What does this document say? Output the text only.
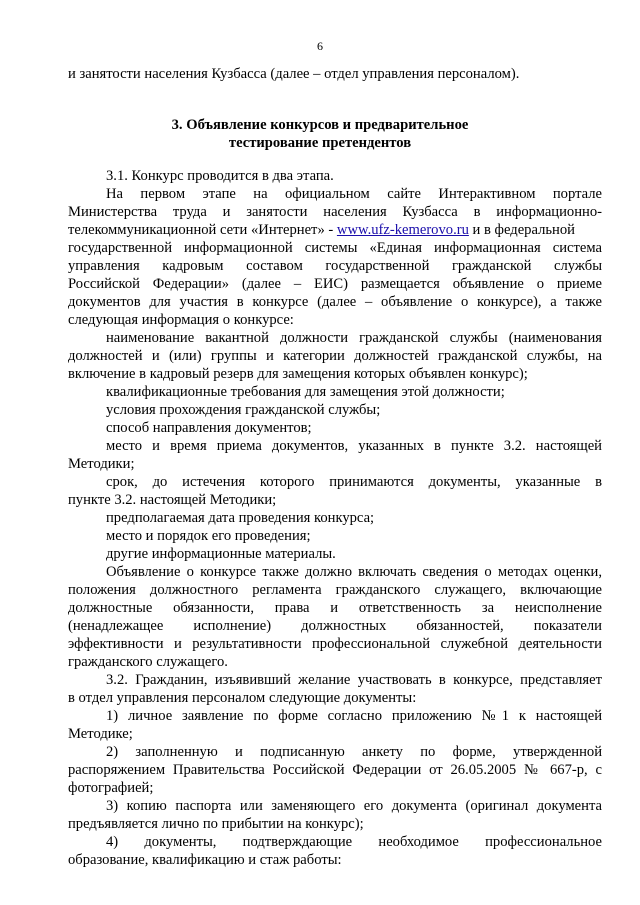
6
и занятости населения Кузбасса (далее – отдел управления персоналом).
3. Объявление конкурсов и предварительное
тестирование претендентов
3.1. Конкурс проводится в два этапа.
На первом этапе на официальном сайте Интерактивном портале
Министерства труда и занятости населения Кузбасса в информационно-
телекоммуникационной сети «Интернет» - www.ufz-kemerovo.ru и в федеральной
государственной информационной системы «Единая информационная система
управления кадровым составом государственной гражданской службы
Российской Федерации» (далее – ЕИС) размещается объявление о приеме
документов для участия в конкурсе (далее – объявление о конкурсе), а также
следующая информация о конкурсе:
наименование вакантной должности гражданской службы (наименования
должностей и (или) группы и категории должностей гражданской службы, на
включение в кадровый резерв для замещения которых объявлен конкурс);
квалификационные требования для замещения этой должности;
условия прохождения гражданской службы;
способ направления документов;
место и время приема документов, указанных в пункте 3.2. настоящей
Методики;
срок, до истечения которого принимаются документы, указанные в
пункте 3.2. настоящей Методики;
предполагаемая дата проведения конкурса;
место и порядок его проведения;
другие информационные материалы.
Объявление о конкурсе также должно включать сведения о методах оценки,
положения должностного регламента гражданского служащего, включающие
должностные обязанности, права и ответственность за неисполнение
(ненадлежащее исполнение) должностных обязанностей, показатели
эффективности и результативности профессиональной служебной деятельности
гражданского служащего.
3.2. Гражданин, изъявивший желание участвовать в конкурсе, представляет
в отдел управления персоналом следующие документы:
1) личное заявление по форме согласно приложению №1 к настоящей
Методике;
2) заполненную и подписанную анкету по форме, утвержденной
распоряжением Правительства Российской Федерации от 26.05.2005 № 667-р, с
фотографией;
3) копию паспорта или заменяющего его документа (оригинал документа
предъявляется лично по прибытии на конкурс);
4) документы, подтверждающие необходимое профессиональное
образование, квалификацию и стаж работы:
